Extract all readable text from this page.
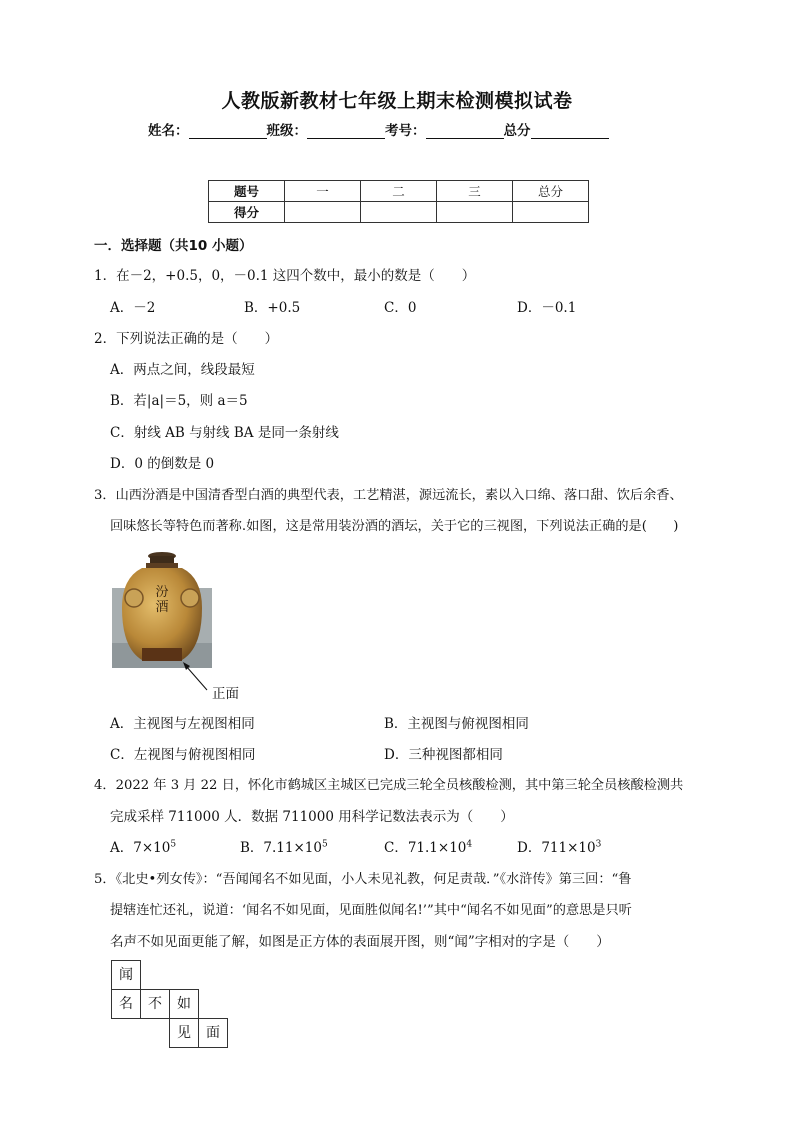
人教版新教材七年级上期末检测模拟试卷
姓名：	班级：	考号：	总分
题号	一	二	三	总分
得分				
一．选择题（共10 小题）
1．在－2，+0.5，0，－0.1 这四个数中，最小的数是（　　）
A．－2	B．+0.5	C．0	D．－0.1
2．下列说法正确的是（　　）
A．两点之间，线段最短
B．若|a|＝5，则 a＝5
C．射线 AB 与射线 BA 是同一条射线
D．0 的倒数是 0
3．山西汾酒是中国清香型白酒的典型代表，工艺精湛，源远流长，素以入口绵、落口甜、饮后余香、
回味悠长等特色而著称.如图，这是常用装汾酒的酒坛，关于它的三视图，下列说法正确的是(　　)
汾酒
正面
A．主视图与左视图相同	B．主视图与俯视图相同
C．左视图与俯视图相同	D．三种视图都相同
4．2022 年 3 月 22 日，怀化市鹤城区主城区已完成三轮全员核酸检测，其中第三轮全员核酸检测共
完成采样 711000 人．数据 711000 用科学记数法表示为（　　）
A．$7\times 10^5$	B．$7.11\times 10^5$	C．$71.1\times 10^4$	D．$711\times 10^3$
5．《北史•列女传》：“吾闻闻名不如见面，小人未见礼教，何足责哉．”《水浒传》第三回：“鲁
提辖连忙还礼，说道：‘闻名不如见面，见面胜似闻名!’”其中“闻名不如见面”的意思是只听
名声不如见面更能了解，如图是正方体的表面展开图，则“闻”字相对的字是（　　）
闻
名	不	如
见	面
